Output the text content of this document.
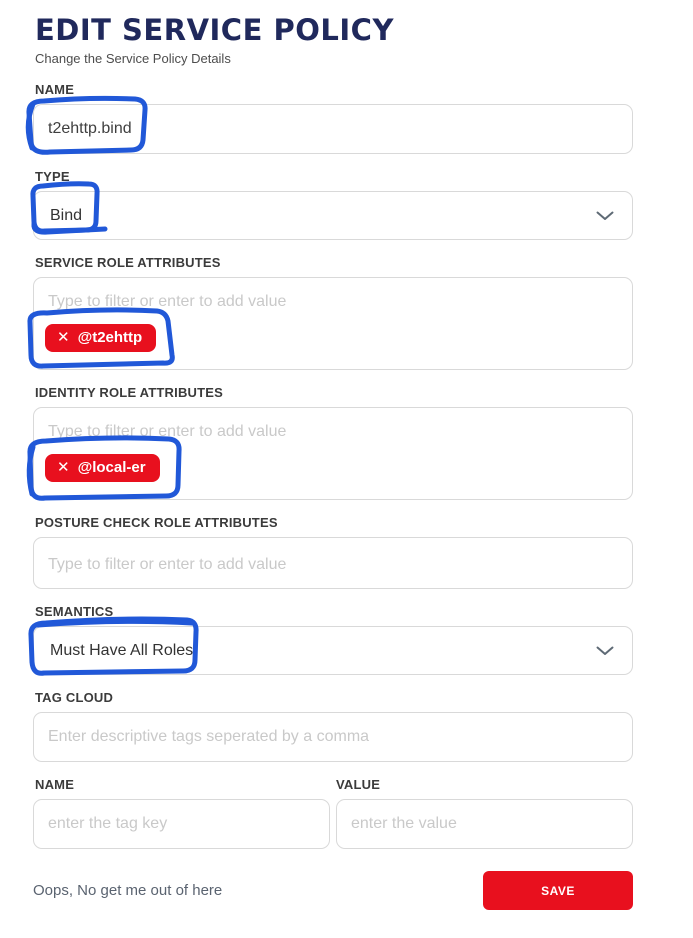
EDIT SERVICE POLICY

Change the Service Policy Details

NAME
t2ehttp.bind
TYPE
Bind
SERVICE ROLE ATTRIBUTES
Type to filter or enter to add value
✕ @t2ehttp
IDENTITY ROLE ATTRIBUTES
Type to filter or enter to add value
✕ @local-er
POSTURE CHECK ROLE ATTRIBUTES
Type to filter or enter to add value
SEMANTICS
Must Have All Roles
TAG CLOUD
Enter descriptive tags seperated by a comma
NAME	VALUE
enter the tag key
enter the value
Oops, No get me out of here	SAVE
